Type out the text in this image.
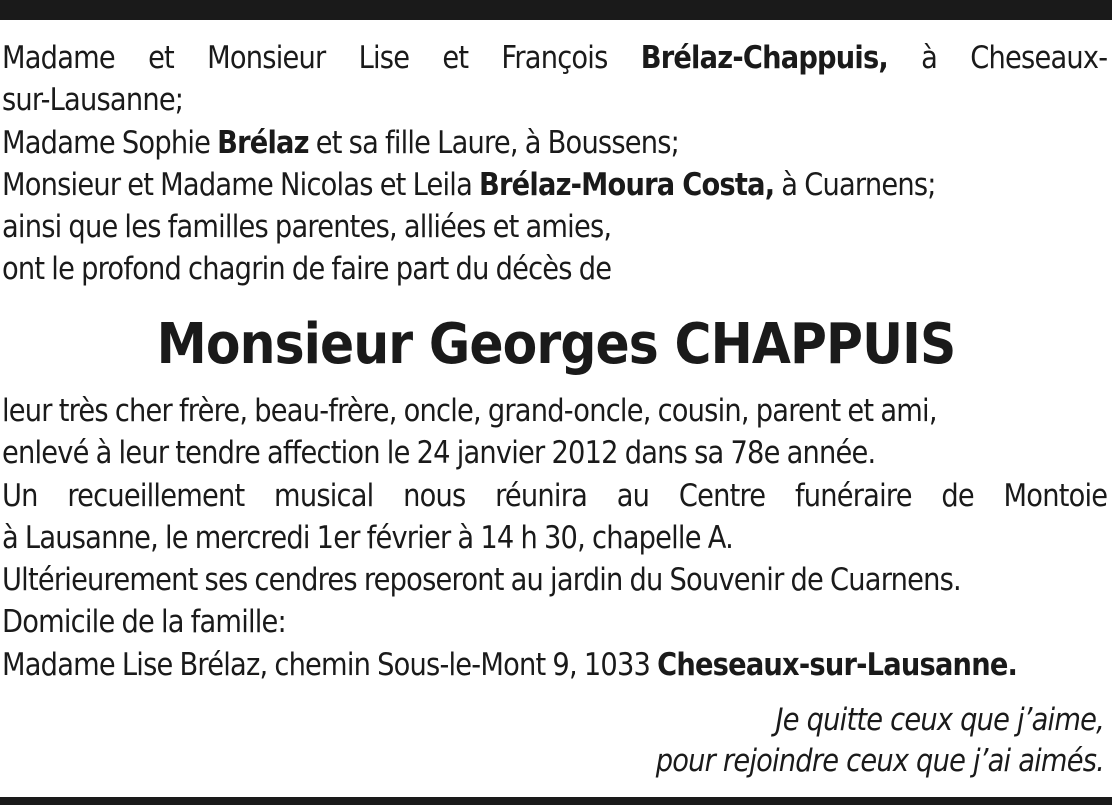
Madame et Monsieur Lise et François Brélaz-Chappuis, à Cheseaux-
sur-Lausanne;
Madame Sophie Brélaz et sa fille Laure, à Boussens;
Monsieur et Madame Nicolas et Leila Brélaz-Moura Costa, à Cuarnens;
ainsi que les familles parentes, alliées et amies,
ont le profond chagrin de faire part du décès de
Monsieur Georges CHAPPUIS
leur très cher frère, beau-frère, oncle, grand-oncle, cousin, parent et ami,
enlevé à leur tendre affection le 24 janvier 2012 dans sa 78e année.
Un recueillement musical nous réunira au Centre funéraire de Montoie
à Lausanne, le mercredi 1er février à 14 h 30, chapelle A.
Ultérieurement ses cendres reposeront au jardin du Souvenir de Cuarnens.
Domicile de la famille:
Madame Lise Brélaz, chemin Sous-le-Mont 9, 1033 Cheseaux-sur-Lausanne.
Je quitte ceux que j’aime,
pour rejoindre ceux que j’ai aimés.
